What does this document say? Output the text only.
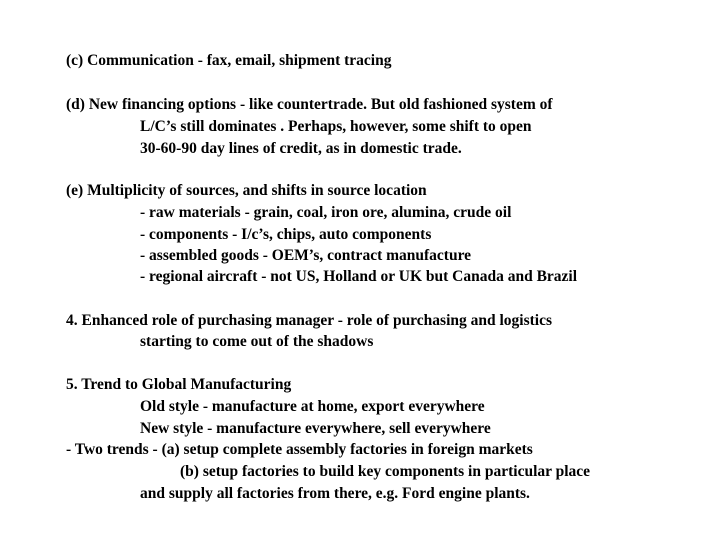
(c) Communication - fax, email, shipment tracing
(d) New financing options - like countertrade. But old fashioned system of
L/C’s still dominates . Perhaps, however, some shift to open
30-60-90 day lines of credit, as in domestic trade.
(e) Multiplicity of sources, and shifts in source location
- raw materials - grain, coal, iron ore, alumina, crude oil
- components - I/c’s, chips, auto components
- assembled goods - OEM’s, contract manufacture
- regional aircraft - not US, Holland or UK but Canada and Brazil
4. Enhanced role of purchasing manager - role of purchasing and logistics
starting to come out of the shadows
5. Trend to Global Manufacturing
Old style - manufacture at home, export everywhere
New style - manufacture everywhere, sell everywhere
- Two trends - (a) setup complete assembly factories in foreign markets
(b) setup factories to build key components in particular place
and supply all factories from there, e.g. Ford engine plants.
